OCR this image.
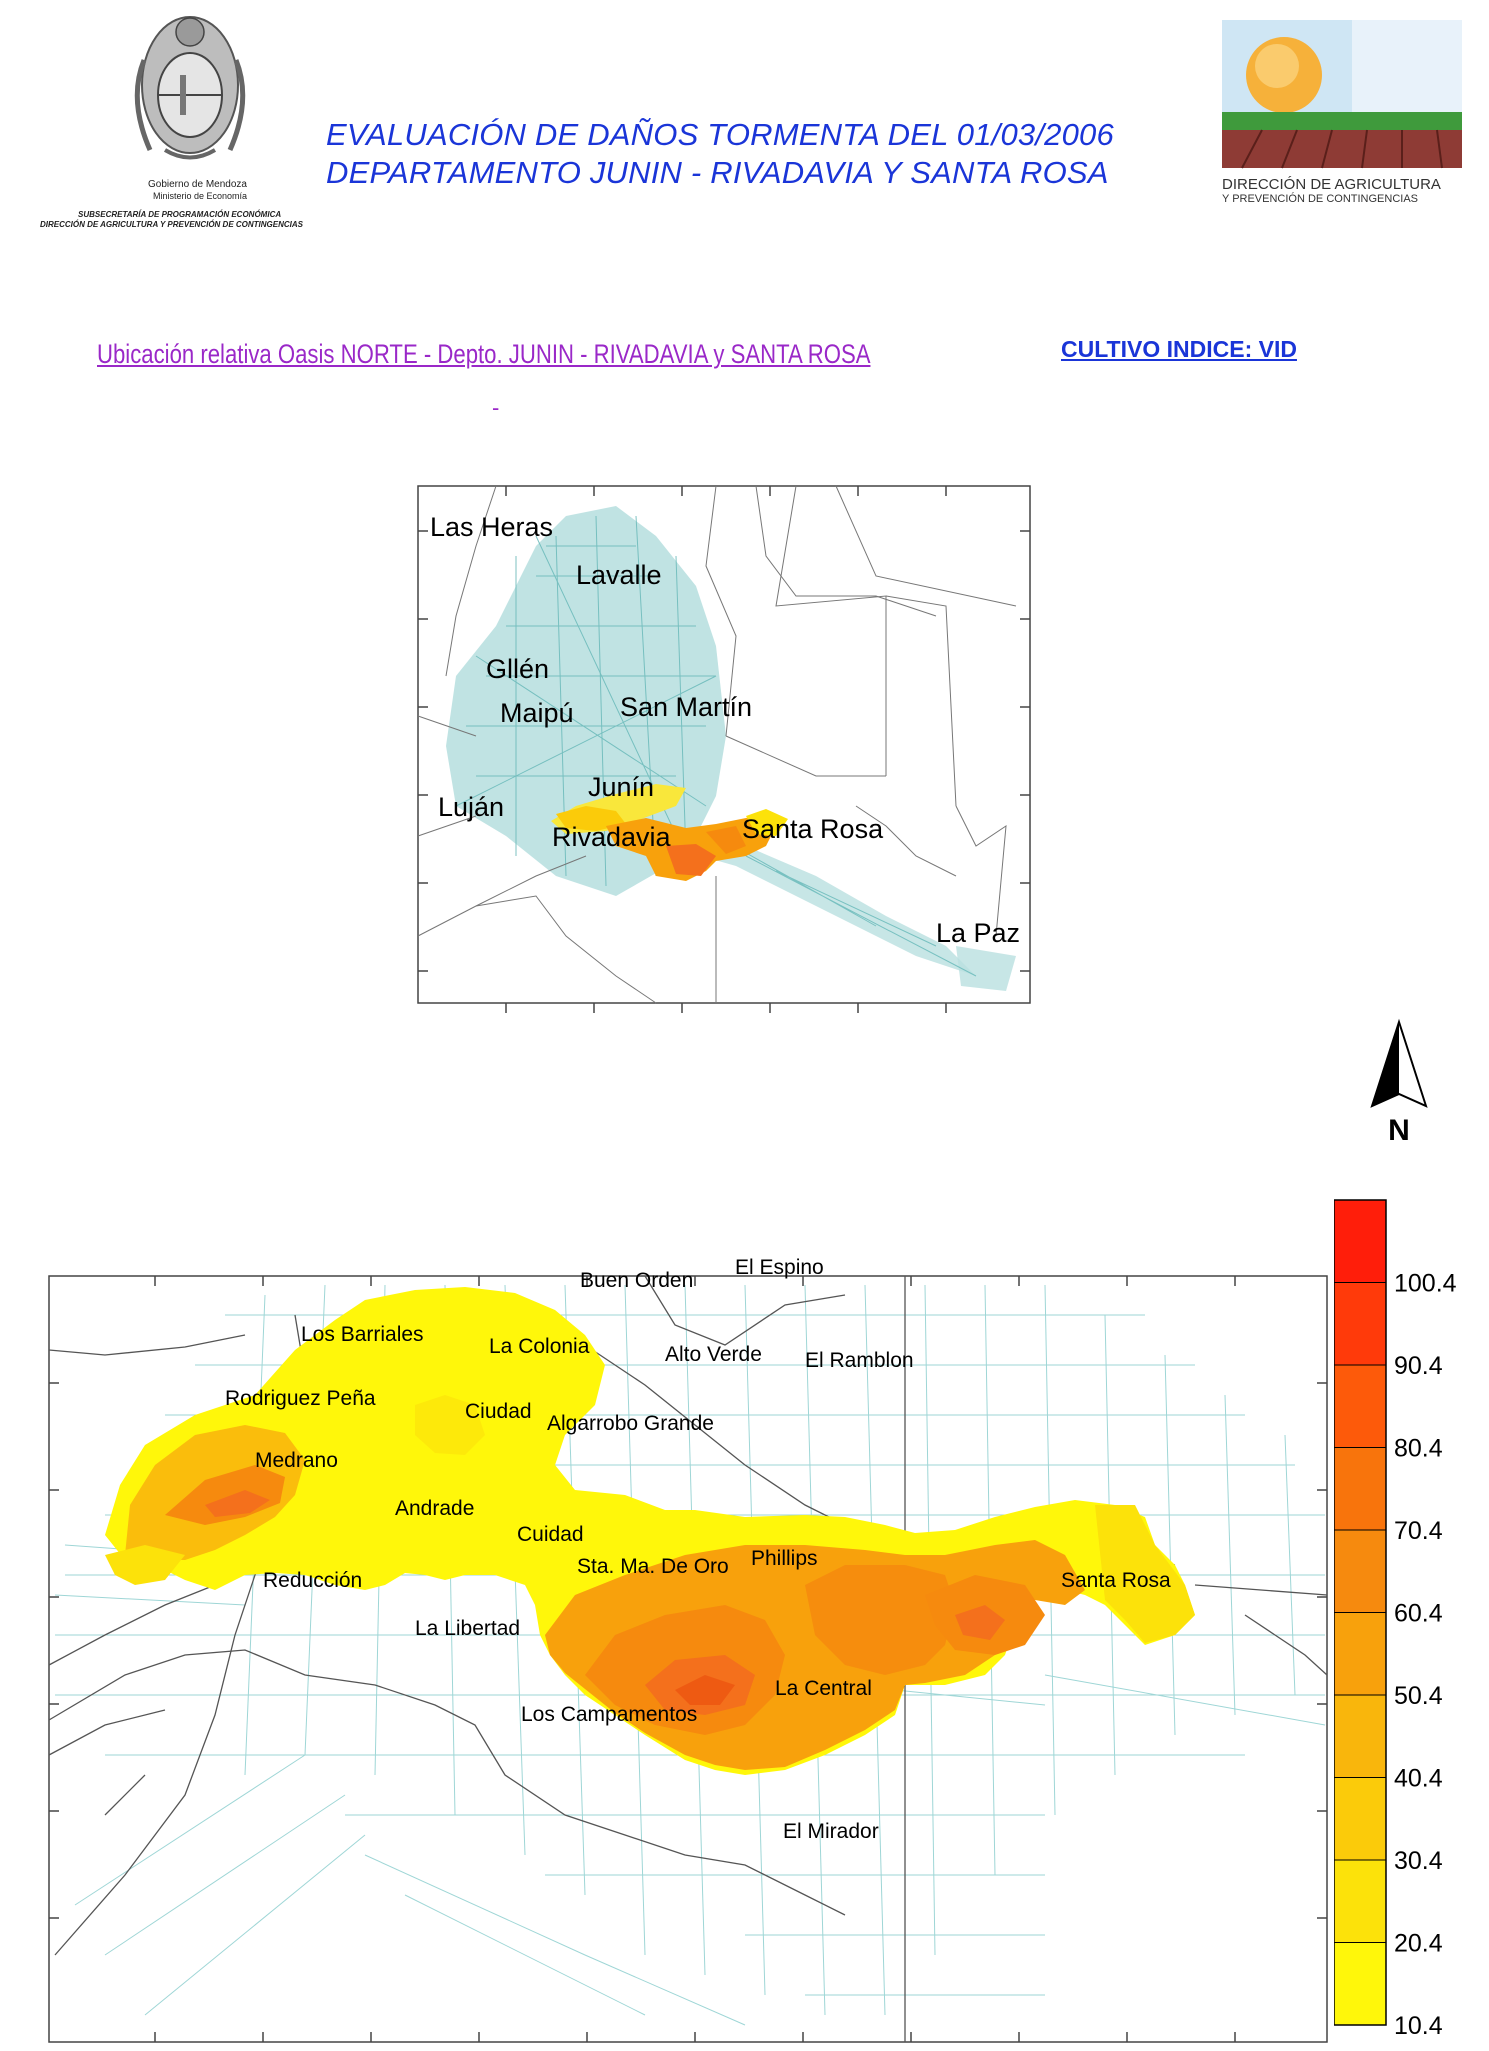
Gobierno de Mendoza
Ministerio de Economía
SUBSECRETARÍA DE PROGRAMACIÓN ECONÓMICA
DIRECCIÓN DE AGRICULTURA Y PREVENCIÓN DE CONTINGENCIAS
EVALUACIÓN DE DAÑOS TORMENTA DEL 01/03/2006
DEPARTAMENTO JUNIN - RIVADAVIA Y SANTA ROSA	DIRECCIÓN DE AGRICULTURA
Y PREVENCIÓN DE CONTINGENCIAS
Ubicación relativa Oasis NORTE - Depto. JUNIN - RIVADAVIA y SANTA ROSA
-
CULTIVO INDICE: VID
Las Heras
Lavalle
Gllén
Maipú San Martín
Junín
Luján
Rivadavia	Santa Rosa
La Paz
N
Buen Orden
El Espino
Los Barriales
La Colonia	Alto Verde El Ramblon
Rodriguez Peña
Ciudad
Algarrobo Grande
Medrano
Andrade
Cuidad
Sta. Ma. De Oro Phillips
Reducción
La Libertad
Santa Rosa
La Central
Los Campamentos
El Mirador
100.4
90.4
80.4
70.4
60.4
50.4
40.4
30.4
20.4
10.4
